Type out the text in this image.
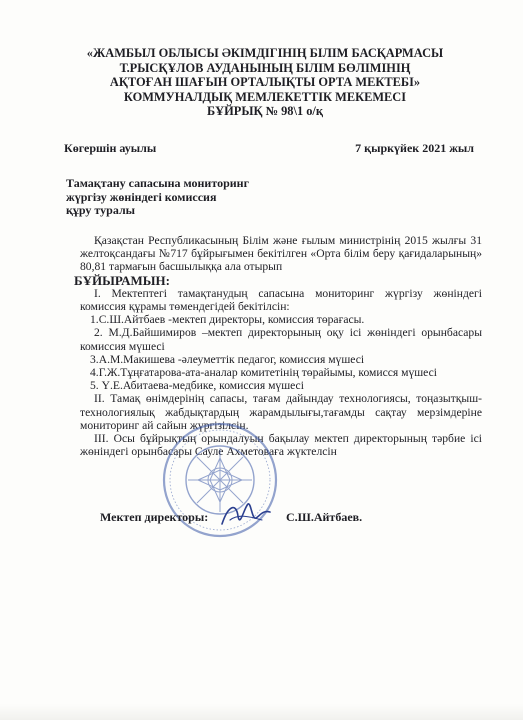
«ЖАМБЫЛ ОБЛЫСЫ ӘКІМДІГІНІҢ БІЛІМ БАСҚАРМАСЫ
Т.РЫСҚҰЛОВ АУДАНЫНЫҢ БІЛІМ БӨЛІМІНІҢ
АҚТОҒАН ШАҒЫН ОРТАЛЫҚТЫ ОРТА МЕКТЕБІ»
КОММУНАЛДЫҚ МЕМЛЕКЕТТІК МЕКЕМЕСІ
БҰЙРЫҚ № 98\1 о/қ
Көгершін ауылы	7 қыркүйек 2021 жыл
Тамақтану сапасына мониторинг
жүргізу жөніндегі комиссия
құру туралы

Қазақстан Республикасының Білім және ғылым министрінің 2015 жылғы 31 желтоқсандағы №717 бұйрығымен бекітілген «Орта білім беру қағидаларының» 80,81 тармағын басшылыққа ала отырып

БҰЙЫРАМЫН:

І. Мектептегі тамақтанудың сапасына мониторинг жүргізу жөніндегі комиссия құрамы төмендегідей бекітілсін:

1.С.Ш.Айтбаев -мектеп директоры, комиссия төрағасы.

2. М.Д.Байшимиров –мектеп директорының оқу ісі жөніндегі орынбасары комиссия мүшесі

3.А.М.Макишева -әлеуметтік педагог, комиссия мүшесі

4.Г.Ж.Тұңғатарова-ата-аналар комитетінің төрайымы, комисся мүшесі

5. Ү.Е.Абитаева-медбике, комиссия мүшесі

ІІ. Тамақ өнімдерінің сапасы, тағам дайындау технологиясы, тоңазытқыш-технологиялық жабдықтардың жарамдылығы,тағамды сақтау мерзімдеріне мониторинг ай сайын жүргізілсін.

ІІІ. Осы бұйрықтың орындалуын бақылау мектеп директорының тәрбие ісі жөніндегі орынбасары Сауле Ахметоваға жүктелсін

Мектеп директоры:	С.Ш.Айтбаев.
